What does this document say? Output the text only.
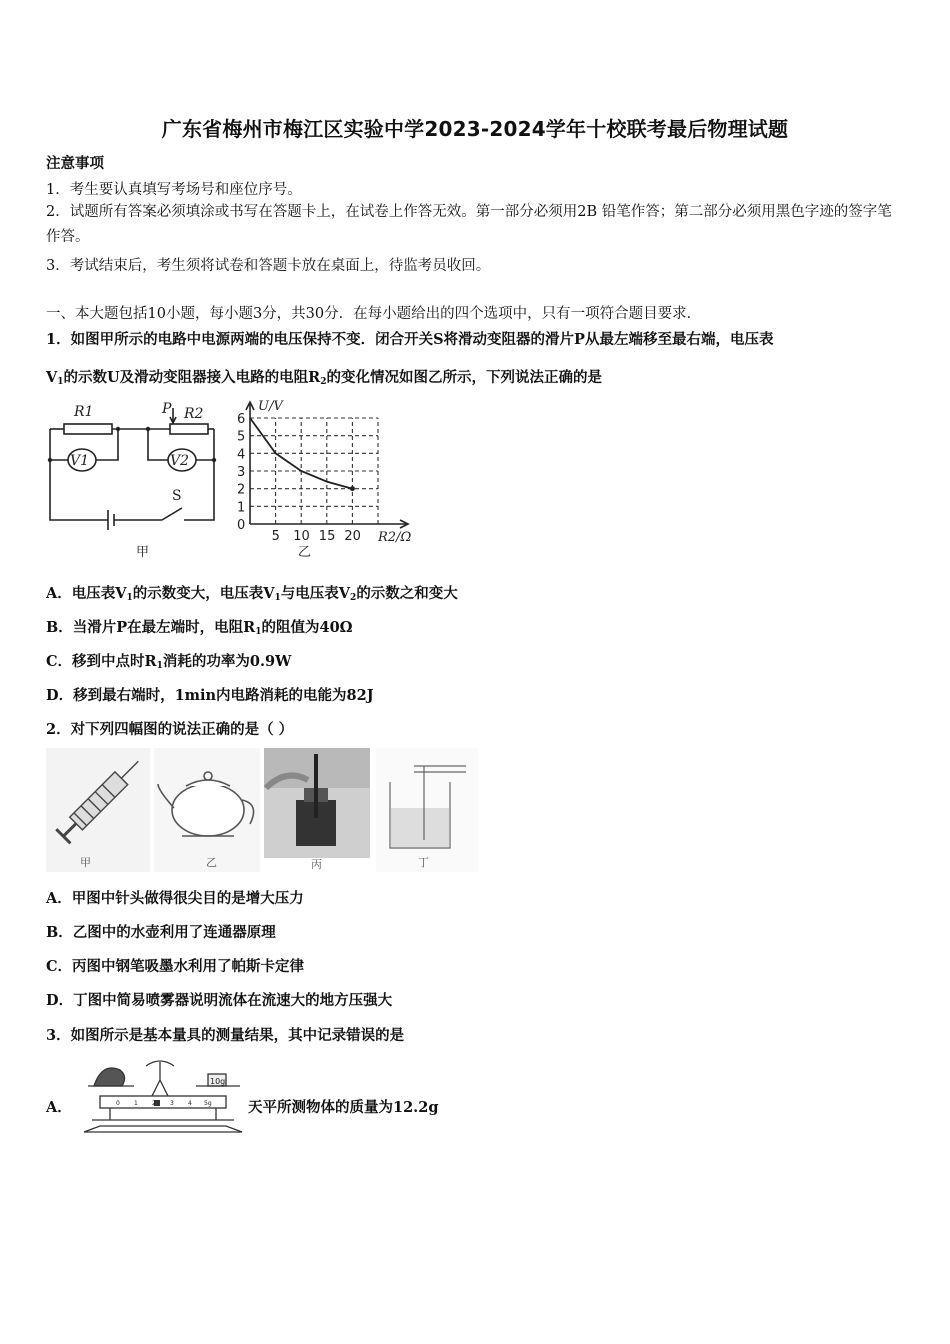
广东省梅州市梅江区实验中学2023-2024学年十校联考最后物理试题
注意事项
1．考生要认真填写考场号和座位序号。
2．试题所有答案必须填涂或书写在答题卡上，在试卷上作答无效。第一部分必须用2B 铅笔作答；第二部分必须用黑色字迹的签字笔作答。
3．考试结束后，考生须将试卷和答题卡放在桌面上，待监考员收回。
一、本大题包括10小题，每小题3分，共30分．在每小题给出的四个选项中，只有一项符合题目要求．
1．如图甲所示的电路中电源两端的电压保持不变．闭合开关S将滑动变阻器的滑片P从最左端移至最右端，电压表
$V_1$的示数U及滑动变阻器接入电路的电阻$R_2$的变化情况如图乙所示，下列说法正确的是
R1	P R2
V1	V2
S
甲
0
1
2
3
4
5
6
5 10 15 20
U/V
R2/Ω
乙
A．电压表$V_1$的示数变大，电压表$V_1$与电压表$V_2$的示数之和变大
B．当滑片P在最左端时，电阻$R_1$的阻值为40Ω
C．移到中点时$R_1$消耗的功率为0.9W
D．移到最右端时，1min内电路消耗的电能为82J
2．对下列四幅图的说法正确的是（ ）
甲	乙	丙	丁
A．甲图中针头做得很尖目的是增大压力
B．乙图中的水壶利用了连通器原理
C．丙图中钢笔吸墨水利用了帕斯卡定律
D．丁图中简易喷雾器说明流体在流速大的地方压强大
3．如图所示是基本量具的测量结果，其中记录错误的是
A．
10g
0 1 2 3 4 5g	天平所测物体的质量为12.2g
